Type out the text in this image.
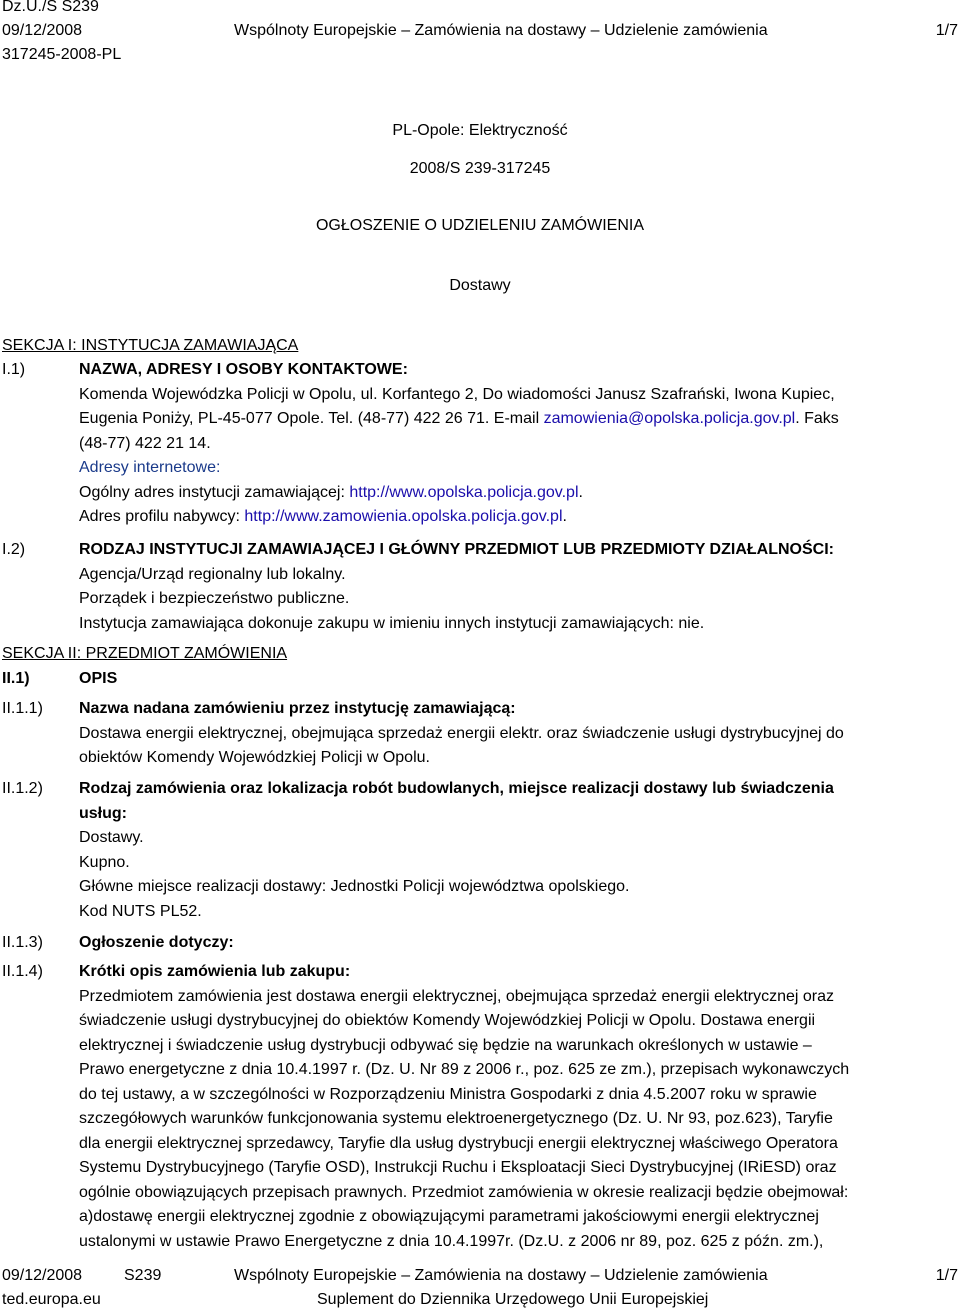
Dz.U./S S239
09/12/2008	Wspólnoty Europejskie – Zamówienia na dostawy – Udzielenie zamówienia	1/7
317245-2008-PL
PL-Opole: Elektryczność
2008/S 239-317245
OGŁOSZENIE O UDZIELENIU ZAMÓWIENIA
Dostawy
SEKCJA I: INSTYTUCJA ZAMAWIAJĄCA
I.1)	NAZWA, ADRESY I OSOBY KONTAKTOWE:
Komenda Wojewódzka Policji w Opolu, ul. Korfantego 2, Do wiadomości Janusz Szafrański, Iwona Kupiec,
Eugenia Poniży, PL-45-077 Opole. Tel. (48-77) 422 26 71. E-mail zamowienia@opolska.policja.gov.pl. Faks
(48-77) 422 21 14.
Adresy internetowe:
Ogólny adres instytucji zamawiającej: http://www.opolska.policja.gov.pl.
Adres profilu nabywcy: http://www.zamowienia.opolska.policja.gov.pl.
I.2)	RODZAJ INSTYTUCJI ZAMAWIAJĄCEJ I GŁÓWNY PRZEDMIOT LUB PRZEDMIOTY DZIAŁALNOŚCI:
Agencja/Urząd regionalny lub lokalny.
Porządek i bezpieczeństwo publiczne.
Instytucja zamawiająca dokonuje zakupu w imieniu innych instytucji zamawiających: nie.
SEKCJA II: PRZEDMIOT ZAMÓWIENIA
II.1)	OPIS
II.1.1) Nazwa nadana zamówieniu przez instytucję zamawiającą:
Dostawa energii elektrycznej, obejmująca sprzedaż energii elektr. oraz świadczenie usługi dystrybucyjnej do
obiektów Komendy Wojewódzkiej Policji w Opolu.
II.1.2) Rodzaj zamówienia oraz lokalizacja robót budowlanych, miejsce realizacji dostawy lub świadczenia
usług:
Dostawy.
Kupno.
Główne miejsce realizacji dostawy: Jednostki Policji województwa opolskiego.
Kod NUTS PL52.
II.1.3) Ogłoszenie dotyczy:
II.1.4) Krótki opis zamówienia lub zakupu:
Przedmiotem zamówienia jest dostawa energii elektrycznej, obejmująca sprzedaż energii elektrycznej oraz
świadczenie usługi dystrybucyjnej do obiektów Komendy Wojewódzkiej Policji w Opolu. Dostawa energii
elektrycznej i świadczenie usług dystrybucji odbywać się będzie na warunkach określonych w ustawie –
Prawo energetyczne z dnia 10.4.1997 r. (Dz. U. Nr 89 z 2006 r., poz. 625 ze zm.), przepisach wykonawczych
do tej ustawy, a w szczególności w Rozporządzeniu Ministra Gospodarki z dnia 4.5.2007 roku w sprawie
szczegółowych warunków funkcjonowania systemu elektroenergetycznego (Dz. U. Nr 93, poz.623), Taryfie
dla energii elektrycznej sprzedawcy, Taryfie dla usług dystrybucji energii elektrycznej właściwego Operatora
Systemu Dystrybucyjnego (Taryfie OSD), Instrukcji Ruchu i Eksploatacji Sieci Dystrybucyjnej (IRiESD) oraz
ogólnie obowiązujących przepisach prawnych. Przedmiot zamówienia w okresie realizacji będzie obejmował:
a)dostawę energii elektrycznej zgodnie z obowiązującymi parametrami jakościowymi energii elektrycznej
ustalonymi w ustawie Prawo Energetyczne z dnia 10.4.1997r. (Dz.U. z 2006 nr 89, poz. 625 z późn. zm.),
09/12/2008	S239	Wspólnoty Europejskie – Zamówienia na dostawy – Udzielenie zamówienia	1/7
ted.europa.eu	Suplement do Dziennika Urzędowego Unii Europejskiej
